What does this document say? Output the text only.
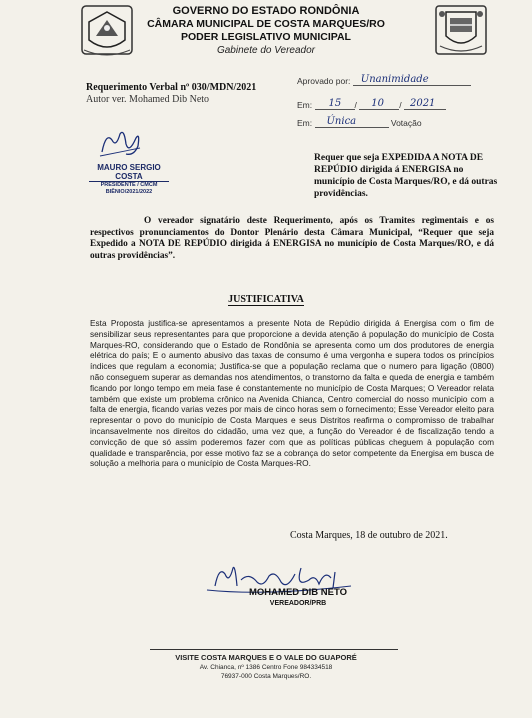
GOVERNO DO ESTADO RONDÔNIA
CÂMARA MUNICIPAL DE COSTA MARQUES/RO
PODER LEGISLATIVO MUNICIPAL
Gabinete do Vereador
Requerimento Verbal nº 030/MDN/2021
Autor ver. Mohamed Dib Neto
Aprovado por: Unanimidade
Em: 15 / 10 / 2021
Em: Única	Votação
MAURO SERGIO COSTA
PRESIDENTE / CMCM
BIÊNIO/2021/2022
Requer que seja EXPEDIDA A NOTA DE REPÚDIO dirigida á ENERGISA no município de Costa Marques/RO, e dá outras providências.
O vereador signatário deste Requerimento, após os Tramites regimentais e os respectivos pronunciamentos do Dontor Plenário desta Câmara Municipal, “Requer que seja Expedido a NOTA DE REPÚDIO dirigida á ENERGISA no município de Costa Marques/RO, e dá outras providências”.
JUSTIFICATIVA
Esta Proposta justifica-se apresentamos a presente Nota de Repúdio dirigida á Energisa com o fim de sensibilizar seus representantes para que proporcione a devida atenção á população do município de Costa Marques-RO, considerando que o Estado de Rondônia se apresenta como um dos produtores de energia elétrica do país; E o aumento abusivo das taxas de consumo é uma vergonha e supera todos os princípios índices que regulam a economia; Justifica-se que a população reclama que o numero para ligação (0800) não conseguem superar as demandas nos atendimentos, o transtorno da falta e queda de energia e também ficando por longo tempo em meia fase é constantemente no município de Costa Marques; O Vereador relata também que existe um problema crônico na Avenida Chianca, Centro comercial do nosso município com a falta de energia, ficando varias vezes por mais de cinco horas sem o fornecimento; Esse Vereador eleito para representar o povo do município de Costa Marques e seus Distritos reafirma o compromisso de trabalhar incansavelmente nos direitos do cidadão, uma vez que, a função do Vereador é de fiscalização tendo a convicção de que só assim poderemos fazer com que as políticas públicas cheguem à população com qualidade e transparência, por esse motivo faz se a cobrança do setor competente da Energisa em busca de solução a melhoria para o município de Costa Marques-RO.
Costa Marques, 18 de outubro de 2021.
MOHAMED DIB NETO
VEREADOR/PRB
VISITE COSTA MARQUES E O VALE DO GUAPORÉ
Av. Chianca, nº 1386 Centro Fone 984334518
76937-000 Costa Marques/RO.
